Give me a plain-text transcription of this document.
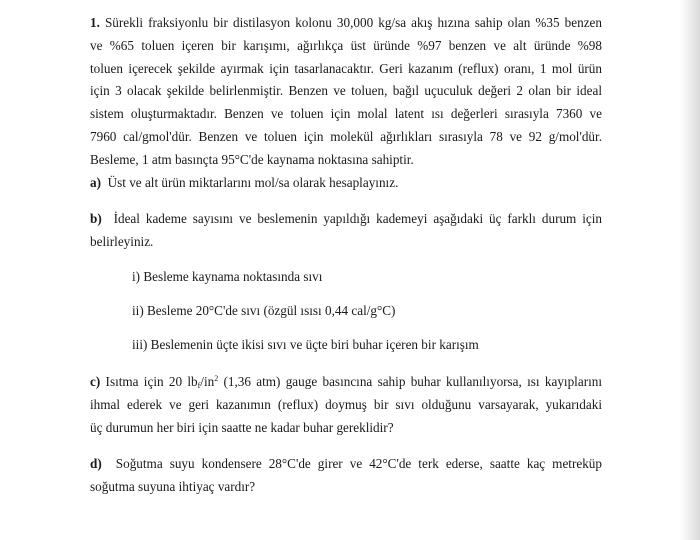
1. Sürekli fraksiyonlu bir distilasyon kolonu 30,000 kg/sa akış hızına sahip olan %35 benzen
ve %65 toluen içeren bir karışımı, ağırlıkça üst üründe %97 benzen ve alt üründe %98
toluen içerecek şekilde ayırmak için tasarlanacaktır. Geri kazanım (reflux) oranı, 1 mol ürün
için 3 olacak şekilde belirlenmiştir. Benzen ve toluen, bağıl uçuculuk değeri 2 olan bir ideal
sistem oluşturmaktadır. Benzen ve toluen için molal latent ısı değerleri sırasıyla 7360 ve
7960 cal/gmol'dür. Benzen ve toluen için molekül ağırlıkları sırasıyla 78 ve 92 g/mol'dür.
Besleme, 1 atm basınçta 95°C'de kaynama noktasına sahiptir.

a) Üst ve alt ürün miktarlarını mol/sa olarak hesaplayınız.

b) İdeal kademe sayısını ve beslemenin yapıldığı kademeyi aşağıdaki üç farklı durum için
belirleyiniz.

i) Besleme kaynama noktasında sıvı

ii) Besleme 20°C'de sıvı (özgül ısısı 0,44 cal/g°C)

iii) Beslemenin üçte ikisi sıvı ve üçte biri buhar içeren bir karışım

c) Isıtma için 20 $lb_f/in^2$ (1,36 atm) gauge basıncına sahip buhar kullanılıyorsa, ısı kayıplarını
ihmal ederek ve geri kazanımın (reflux) doymuş bir sıvı olduğunu varsayarak, yukarıdaki
üç durumun her biri için saatte ne kadar buhar gereklidir?

d) Soğutma suyu kondensere 28°C'de girer ve 42°C'de terk ederse, saatte kaç metreküp
soğutma suyuna ihtiyaç vardır?
